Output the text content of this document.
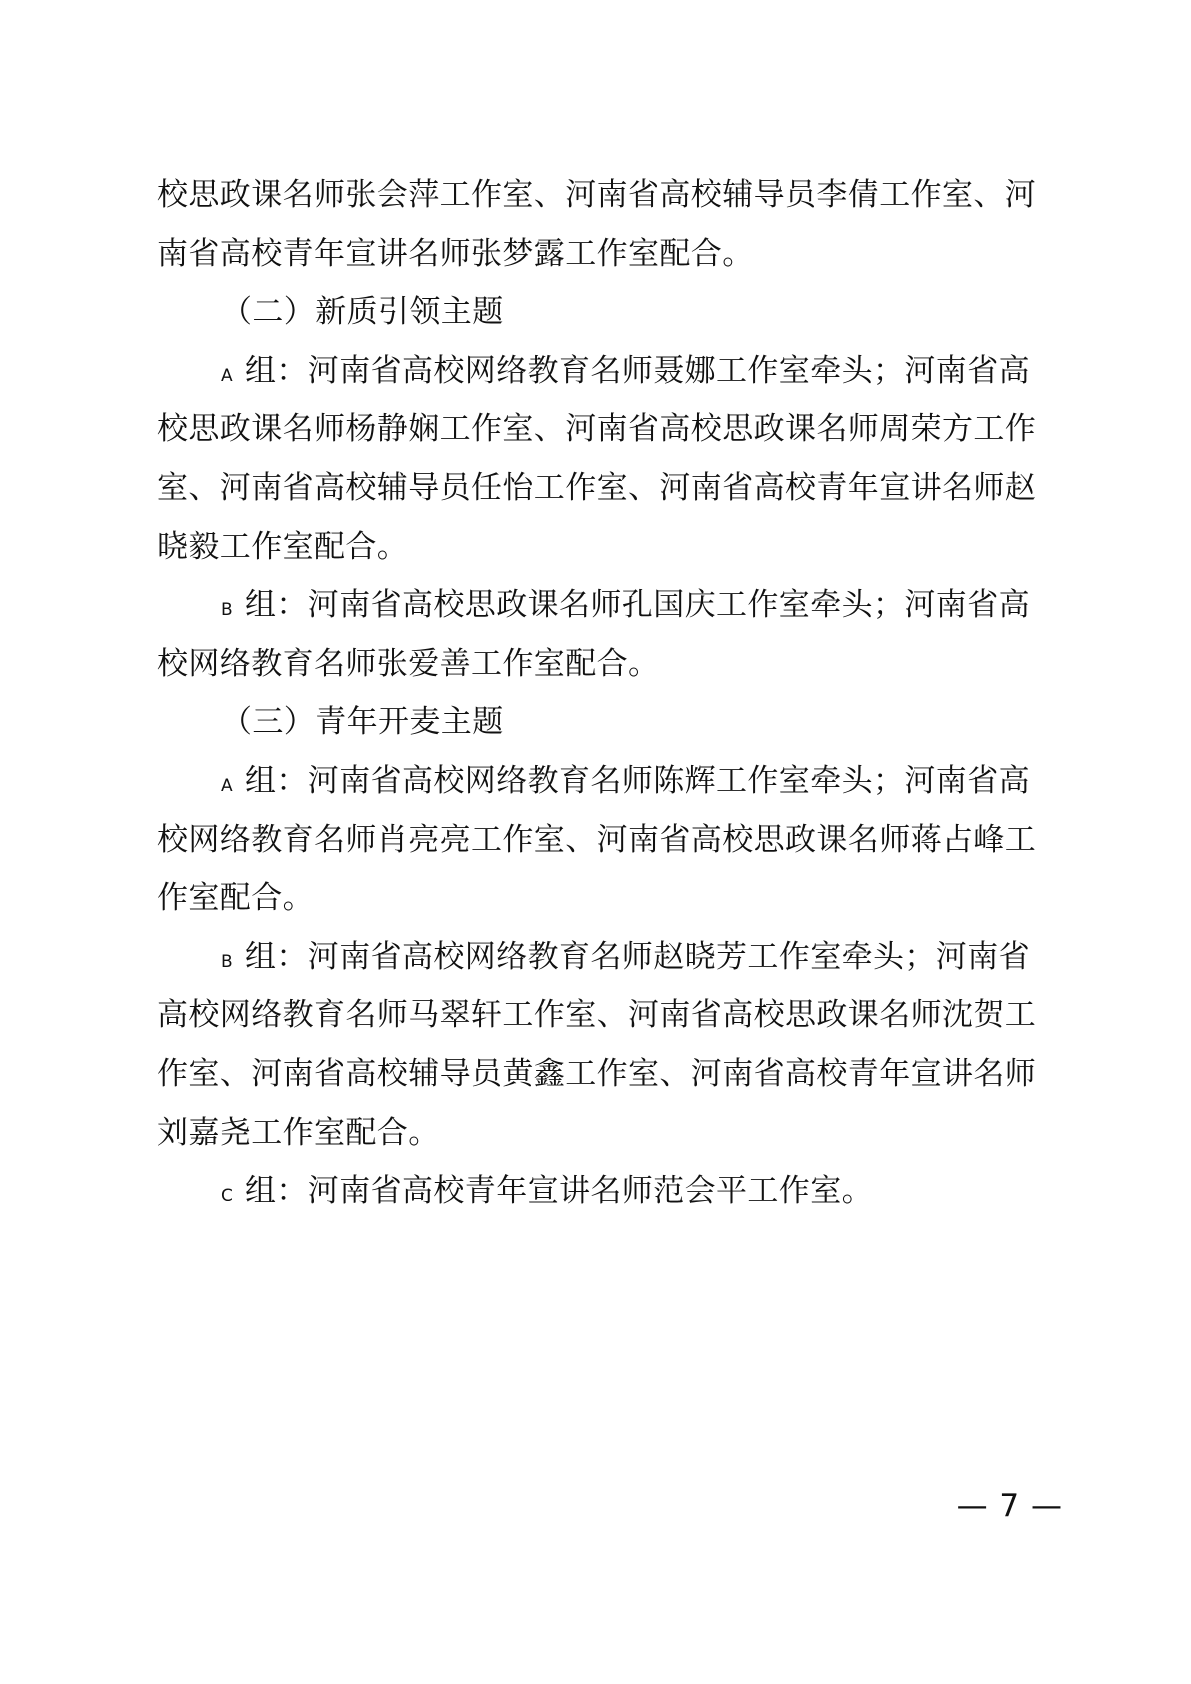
校思政课名师张会萍工作室、河南省高校辅导员李倩工作室、河
南省高校青年宣讲名师张梦露工作室配合。
（二）新质引领主题
A 组：河南省高校网络教育名师聂娜工作室牵头；河南省高
校思政课名师杨静娴工作室、河南省高校思政课名师周荣方工作
室、河南省高校辅导员任怡工作室、河南省高校青年宣讲名师赵
晓毅工作室配合。
B 组：河南省高校思政课名师孔国庆工作室牵头；河南省高
校网络教育名师张爱善工作室配合。
（三）青年开麦主题
A 组：河南省高校网络教育名师陈辉工作室牵头；河南省高
校网络教育名师肖亮亮工作室、河南省高校思政课名师蒋占峰工
作室配合。
B 组：河南省高校网络教育名师赵晓芳工作室牵头；河南省
高校网络教育名师马翠轩工作室、河南省高校思政课名师沈贺工
作室、河南省高校辅导员黄鑫工作室、河南省高校青年宣讲名师
刘嘉尧工作室配合。
C 组：河南省高校青年宣讲名师范会平工作室。
— 7 —
